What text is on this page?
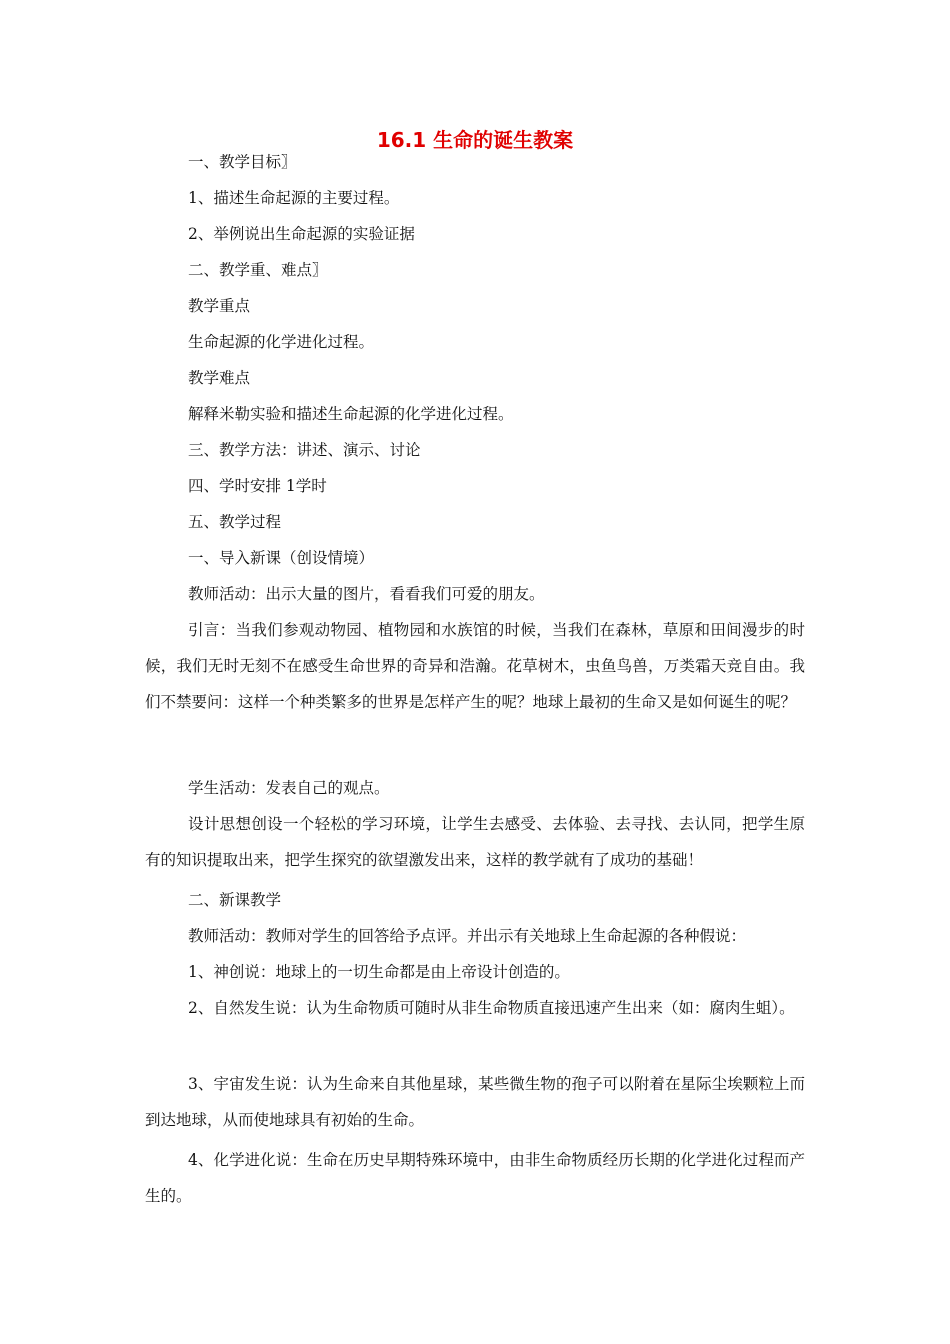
16.1 生命的诞生教案
一、教学目标〗
1、描述生命起源的主要过程。
2、举例说出生命起源的实验证据
二、教学重、难点〗
教学重点
生命起源的化学进化过程。
教学难点
解释米勒实验和描述生命起源的化学进化过程。
三、教学方法：讲述、演示、讨论
四、学时安排 1学时
五、教学过程
一、导入新课（创设情境）
教师活动：出示大量的图片，看看我们可爱的朋友。
引言：当我们参观动物园、植物园和水族馆的时候，当我们在森林，草原和田间漫步的时候，我们无时无刻不在感受生命世界的奇异和浩瀚。花草树木，虫鱼鸟兽，万类霜天竞自由。我们不禁要问：这样一个种类繁多的世界是怎样产生的呢？地球上最初的生命又是如何诞生的呢？
学生活动：发表自己的观点。
设计思想创设一个轻松的学习环境，让学生去感受、去体验、去寻找、去认同，把学生原有的知识提取出来，把学生探究的欲望激发出来，这样的教学就有了成功的基础！
二、新课教学
教师活动：教师对学生的回答给予点评。并出示有关地球上生命起源的各种假说：
1、神创说：地球上的一切生命都是由上帝设计创造的。
2、自然发生说：认为生命物质可随时从非生命物质直接迅速产生出来（如：腐肉生蛆）。
3、宇宙发生说：认为生命来自其他星球，某些微生物的孢子可以附着在星际尘埃颗粒上而到达地球，从而使地球具有初始的生命。
4、化学进化说：生命在历史早期特殊环境中，由非生命物质经历长期的化学进化过程而产生的。
